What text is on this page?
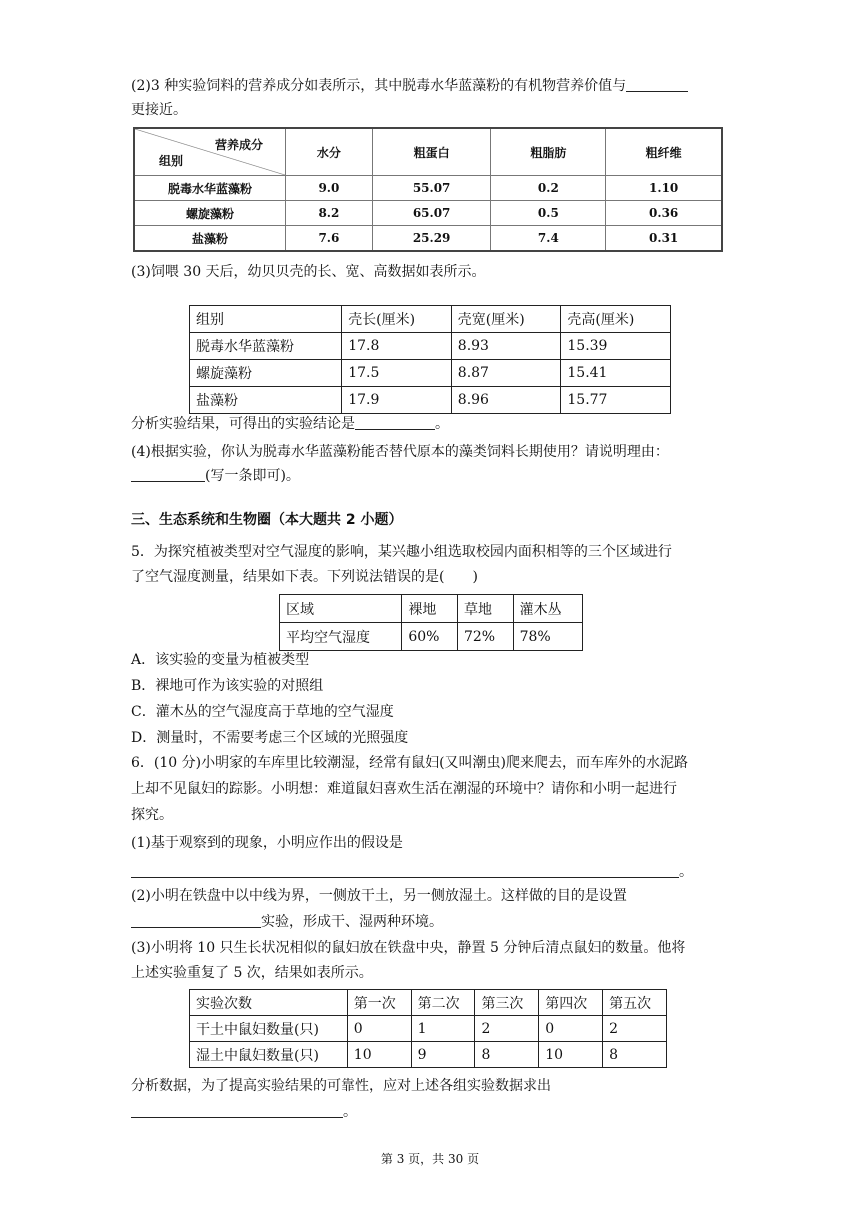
(2)3 种实验饲料的营养成分如表所示，其中脱毒水华蓝藻粉的有机物营养价值与

更接近。

营养成分
组别	水分	粗蛋白	粗脂肪	粗纤维
脱毒水华蓝藻粉	9.0	55.07	0.2	1.10
螺旋藻粉	8.2	65.07	0.5	0.36
盐藻粉	7.6	25.29	7.4	0.31

(3)饲喂 30 天后，幼贝贝壳的长、宽、高数据如表所示。

组别	壳长(厘米)	壳宽(厘米)	壳高(厘米)
脱毒水华蓝藻粉	17.8	8.93	15.39
螺旋藻粉	17.5	8.87	15.41
盐藻粉	17.9	8.96	15.77

分析实验结果，可得出的实验结论是	。

(4)根据实验，你认为脱毒水华蓝藻粉能否替代原本的藻类饲料长期使用？请说明理由：

(写一条即可)。

三、生态系统和生物圈（本大题共 2 小题）

5．为探究植被类型对空气湿度的影响，某兴趣小组选取校园内面积相等的三个区域进行

了空气湿度测量，结果如下表。下列说法错误的是(　　)

区域	裸地	草地	灌木丛
平均空气湿度	60%	72%	78%

A．该实验的变量为植被类型

B．裸地可作为该实验的对照组

C．灌木丛的空气湿度高于草地的空气湿度

D．测量时，不需要考虑三个区域的光照强度

6．(10 分)小明家的车库里比较潮湿，经常有鼠妇(又叫潮虫)爬来爬去，而车库外的水泥路

上却不见鼠妇的踪影。小明想：难道鼠妇喜欢生活在潮湿的环境中？请你和小明一起进行

探究。

(1)基于观察到的现象，小明应作出的假设是

。

(2)小明在铁盘中以中线为界，一侧放干土，另一侧放湿土。这样做的目的是设置

实验，形成干、湿两种环境。

(3)小明将 10 只生长状况相似的鼠妇放在铁盘中央，静置 5 分钟后清点鼠妇的数量。他将

上述实验重复了 5 次，结果如表所示。

实验次数	第一次	第二次	第三次	第四次	第五次
干土中鼠妇数量(只)	0	1	2	0	2
湿土中鼠妇数量(只)	10	9	8	10	8

分析数据，为了提高实验结果的可靠性，应对上述各组实验数据求出

。

第 3 页，共 30 页
